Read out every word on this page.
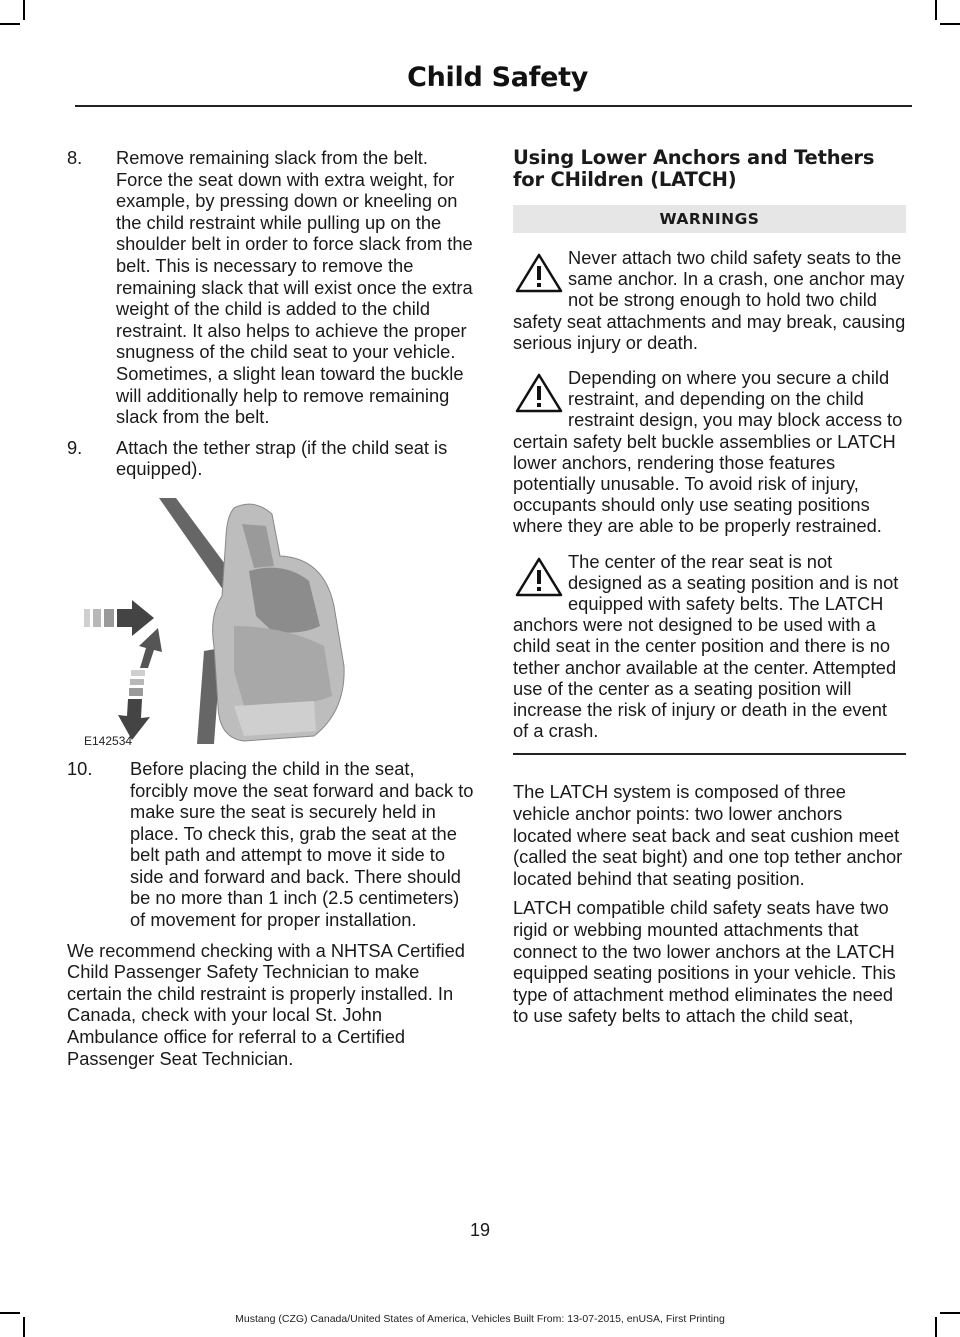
Child Safety
8.	Remove remaining slack from the belt. Force the seat down with extra weight, for example, by pressing down or kneeling on the child restraint while pulling up on the shoulder belt in order to force slack from the belt. This is necessary to remove the remaining slack that will exist once the extra weight of the child is added to the child restraint. It also helps to achieve the proper snugness of the child seat to your vehicle. Sometimes, a slight lean toward the buckle will additionally help to remove remaining slack from the belt.
9.	Attach the tether strap (if the child seat is equipped).
E142534
10.	Before placing the child in the seat, forcibly move the seat forward and back to make sure the seat is securely held in place. To check this, grab the seat at the belt path and attempt to move it side to side and forward and back. There should be no more than 1 inch (2.5 centimeters) of movement for proper installation.

We recommend checking with a NHTSA Certified Child Passenger Safety Technician to make certain the child restraint is properly installed. In Canada, check with your local St. John Ambulance office for referral to a Certified Passenger Seat Technician.

Using Lower Anchors and Tethers for CHildren (LATCH)
WARNINGS
Never attach two child safety seats to the same anchor. In a crash, one anchor may not be strong enough to hold two child safety seat attachments and may break, causing serious injury or death.
Depending on where you secure a child restraint, and depending on the child restraint design, you may block access to certain safety belt buckle assemblies or LATCH lower anchors, rendering those features potentially unusable. To avoid risk of injury, occupants should only use seating positions where they are able to be properly restrained.
The center of the rear seat is not designed as a seating position and is not equipped with safety belts. The LATCH anchors were not designed to be used with a child seat in the center position and there is no tether anchor available at the center. Attempted use of the center as a seating position will increase the risk of injury or death in the event of a crash.

The LATCH system is composed of three vehicle anchor points: two lower anchors located where seat back and seat cushion meet (called the seat bight) and one top tether anchor located behind that seating position.

LATCH compatible child safety seats have two rigid or webbing mounted attachments that connect to the two lower anchors at the LATCH equipped seating positions in your vehicle. This type of attachment method eliminates the need to use safety belts to attach the child seat,

19
Mustang (CZG) Canada/United States of America, Vehicles Built From: 13-07-2015, enUSA, First Printing
